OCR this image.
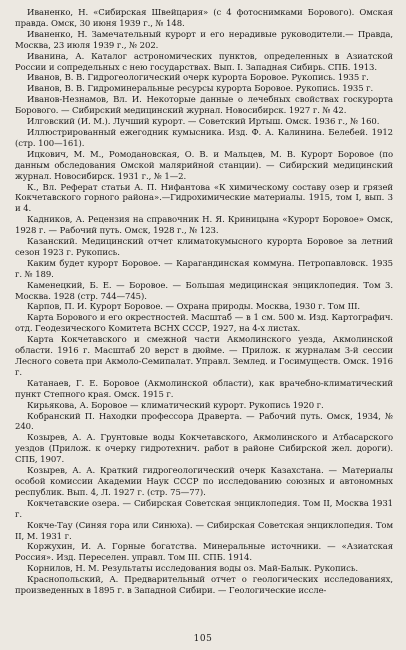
Иваненко, Н. «Сибирская Швейцария» (с 4 фотоснимками Борового). Омская правда. Омск, 30 июня 1939 г., № 148.

Иваненко, Н. Замечательный курорт и его нерадивые руководители.— Правда, Москва, 23 июля 1939 г., № 202.

Иванина, А. Каталог астрономических пунктов, определенных в Азиатской России и сопредельных с нею государствах. Вып. I. Западная Сибирь. СПБ. 1913.

Иванов, В. В. Гидрогеологический очерк курорта Боровое. Рукопись. 1935 г.

Иванов, В. В. Гидроминеральные ресурсы курорта Боровое. Рукопись. 1935 г.

Иванов-Незнамов, Вл. И. Некоторые данные о лечебных свойствах госкурорта Борового. — Сибирский медицинский журнал. Новосибирск. 1927 г. № 42.

Илговский (И. М.). Лучший курорт. — Советский Иртыш. Омск. 1936 г., № 160.

Иллюстрированный ежегодник кумысника. Изд. Ф. А. Калинина. Белебей. 1912 (стр. 100—161).

Ицкович, М. М., Ромодановская, О. В. и Мальцев, М. В. Курорт Боровое (по данным обследования Омской малярийной станции). — Сибирский медицинский журнал. Новосибирск. 1931 г., № 1—2.

К., Вл. Реферат статьи А. П. Нифантова «К химическому составу озер и грязей Кокчетавского горного района».—Гидрохимические материалы. 1915, том I, вып. 3 и 4.

Кадников, А. Рецензия на справочник Н. Я. Криницына «Курорт Боровое» Омск, 1928 г. — Рабочий путь. Омск, 1928 г., № 123.

Казанский. Медицинский отчет климатокумысного курорта Боровое за летний сезон 1923 г. Рукопись.

Каким будет курорт Боровое. — Карагандинская коммуна. Петропавловск. 1935 г. № 189.

Каменецкий, Б. Е. — Боровое. — Большая медицинская энциклопедия. Том 3. Москва. 1928 (стр. 744—745).

Карпов, П. И. Курорт Боровое. — Охрана природы. Москва, 1930 г. Том III.

Карта Борового и его окрестностей. Масштаб — в 1 см. 500 м. Изд. Картографич. отд. Геодезического Комитета ВСНХ СССР, 1927, на 4-х листах.

Карта Кокчетавского и смежной части Акмолинского уезда, Акмолинской области. 1916 г. Масштаб 20 верст в дюйме. — Прилож. к журналам 3-й сессии Лесного совета при Акмоло-Семипалат. Управл. Землед. и Госимуществ. Омск. 1916 г.

Катанаев, Г. Е. Боровое (Акмолинской области), как врачебно-климатический пункт Степного края. Омск. 1915 г.

Кирьякова, А. Боровое — климатический курорт. Рукопись 1920 г.

Кобранский П. Находки профессора Дравертa. — Рабочий путь. Омск, 1934, № 240.

Козырев, А. А. Грунтовые воды Кокчетавского, Акмолинского и Атбасарского уездов (Прилож. к очерку гидротехнич. работ в районе Сибирской жел. дороги). СПБ, 1907.

Козырев, А. А. Краткий гидрогеологический очерк Казахстана. — Материалы особой комиссии Академии Наук СССР по исследованию союзных и автономных республик. Вып. 4, Л. 1927 г. (стр. 75—77).

Кокчетавские озера. — Сибирская Советская энциклопедия. Том II, Москва 1931 г.

Кокче-Тау (Синяя гора или Синюха). — Сибирская Советская энциклопедия. Том II, М. 1931 г.

Коржухин, И. А. Горные богатства. Минеральные источники. — «Азиатская Россия». Изд. Переселен. управл. Том III. СПБ. 1914.

Корнилов, Н. М. Результаты исследования воды оз. Май-Балык. Рукопись.

Краснопольский, А. Предварительный отчет о геологических исследованиях, произведенных в 1895 г. в Западной Сибири. — Геологические иссле-

105
